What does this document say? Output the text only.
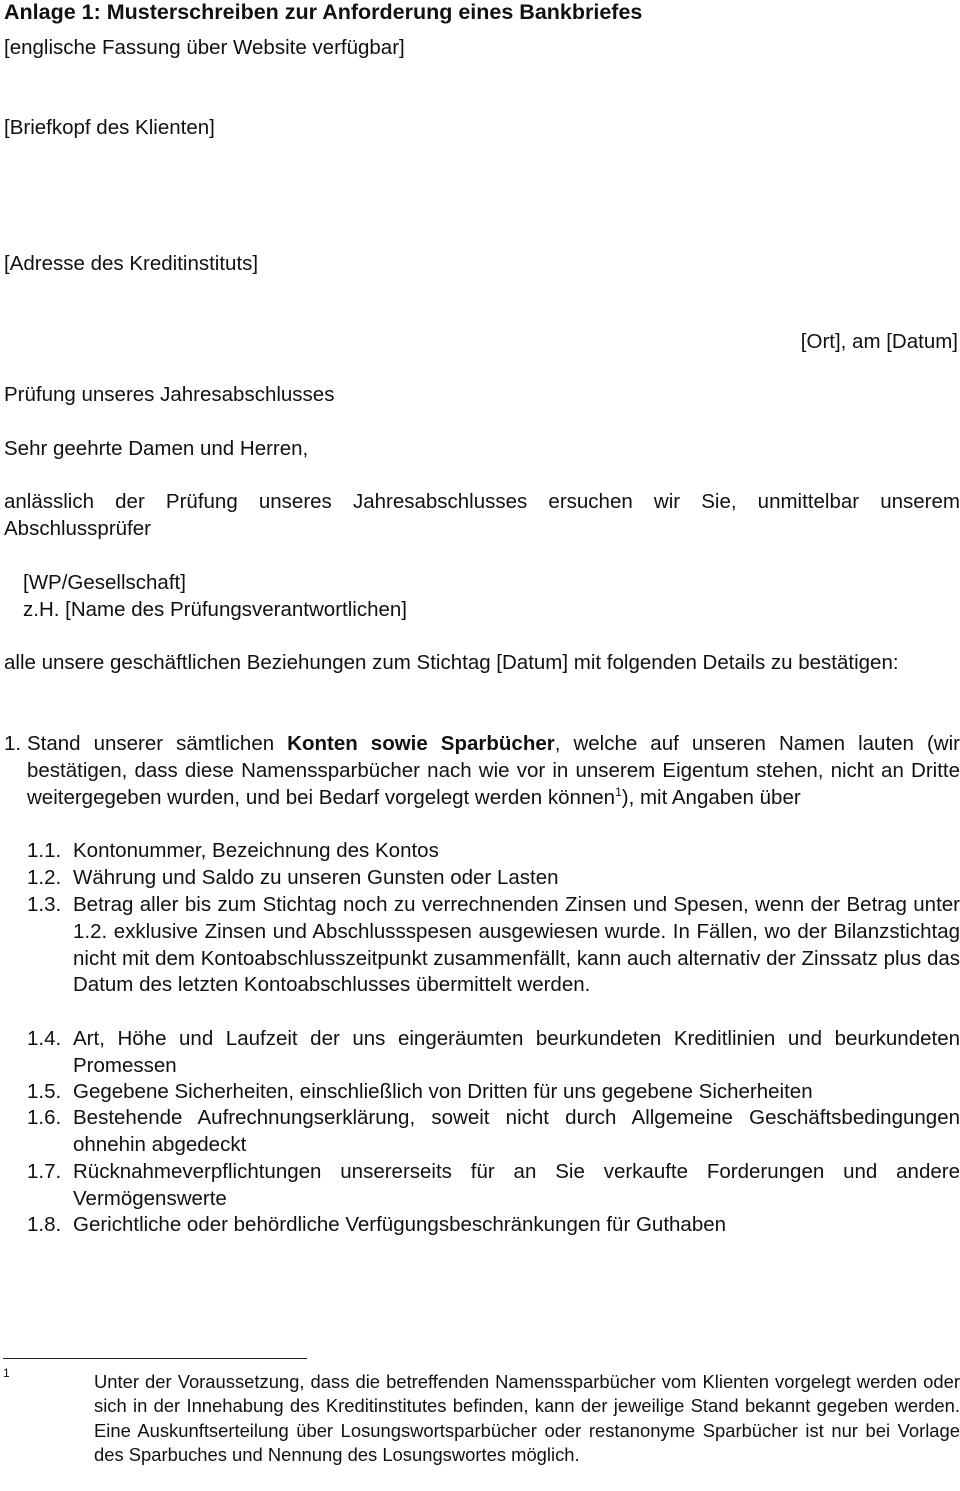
Anlage 1: Musterschreiben zur Anforderung eines Bankbriefes

[englische Fassung über Website verfügbar]

[Briefkopf des Klienten]

[Adresse des Kreditinstituts]

[Ort], am [Datum]

Prüfung unseres Jahresabschlusses

Sehr geehrte Damen und Herren,

anlässlich der Prüfung unseres Jahresabschlusses ersuchen wir Sie, unmittelbar unserem Abschlussprüfer

[WP/Gesellschaft]

z.H. [Name des Prüfungsverantwortlichen]

alle unsere geschäftlichen Beziehungen zum Stichtag [Datum] mit folgenden Details zu bestätigen:

1. Stand unserer sämtlichen Konten sowie Sparbücher, welche auf unseren Namen lauten (wir bestätigen, dass diese Namenssparbücher nach wie vor in unserem Eigentum stehen, nicht an Dritte weitergegeben wurden, und bei Bedarf vorgelegt werden können$^1$), mit Angaben über

1.1. Kontonummer, Bezeichnung des Kontos

1.2. Währung und Saldo zu unseren Gunsten oder Lasten

1.3. Betrag aller bis zum Stichtag noch zu verrechnenden Zinsen und Spesen, wenn der Betrag unter 1.2. exklusive Zinsen und Abschlussspesen ausgewiesen wurde. In Fällen, wo der Bilanzstichtag nicht mit dem Kontoabschlusszeitpunkt zusammenfällt, kann auch alternativ der Zinssatz plus das Datum des letzten Kontoabschlusses übermittelt werden.

1.4. Art, Höhe und Laufzeit der uns eingeräumten beurkundeten Kreditlinien und beurkundeten Promessen

1.5. Gegebene Sicherheiten, einschließlich von Dritten für uns gegebene Sicherheiten

1.6. Bestehende Aufrechnungserklärung, soweit nicht durch Allgemeine Geschäftsbedingungen ohnehin abgedeckt

1.7. Rücknahmeverpflichtungen unsererseits für an Sie verkaufte Forderungen und andere Vermögenswerte

1.8. Gerichtliche oder behördliche Verfügungsbeschränkungen für Guthaben

1	Unter der Voraussetzung, dass die betreffenden Namenssparbücher vom Klienten vorgelegt werden oder sich in der Innehabung des Kreditinstitutes befinden, kann der jeweilige Stand bekannt gegeben werden. Eine Auskunftserteilung über Losungswortsparbücher oder restanonyme Sparbücher ist nur bei Vorlage des Sparbuches und Nennung des Losungswortes möglich.
